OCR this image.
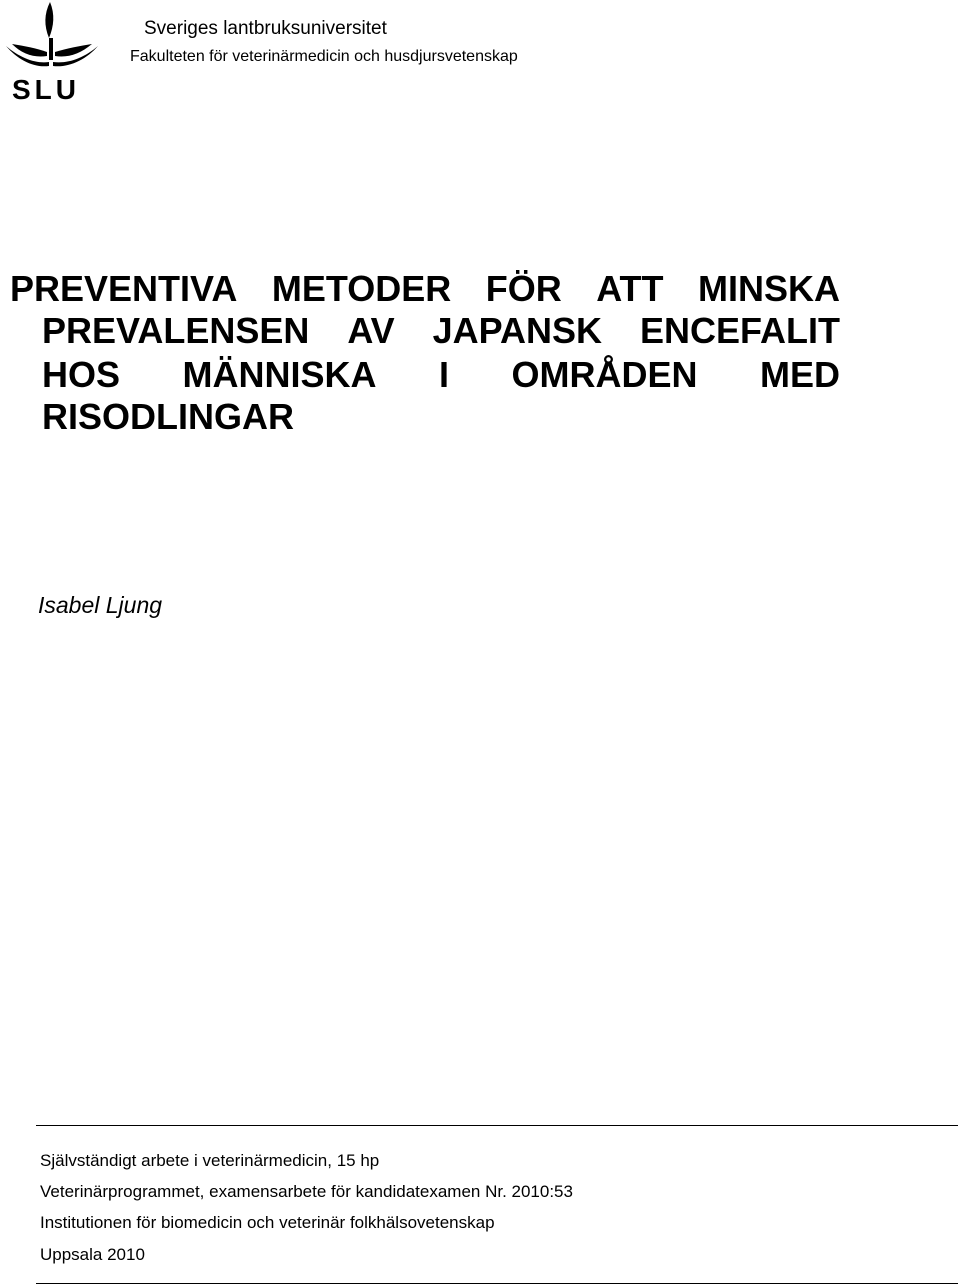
SLU
Sveriges lantbruksuniversitet
Fakulteten för veterinärmedicin och husdjursvetenskap
PREVENTIVA METODER FÖR ATT MINSKA
PREVALENSEN AV JAPANSK ENCEFALIT
HOS MÄNNISKA I OMRÅDEN MED
RISODLINGAR
Isabel Ljung
Självständigt arbete i veterinärmedicin, 15 hp
Veterinärprogrammet, examensarbete för kandidatexamen Nr. 2010:53
Institutionen för biomedicin och veterinär folkhälsovetenskap
Uppsala 2010
